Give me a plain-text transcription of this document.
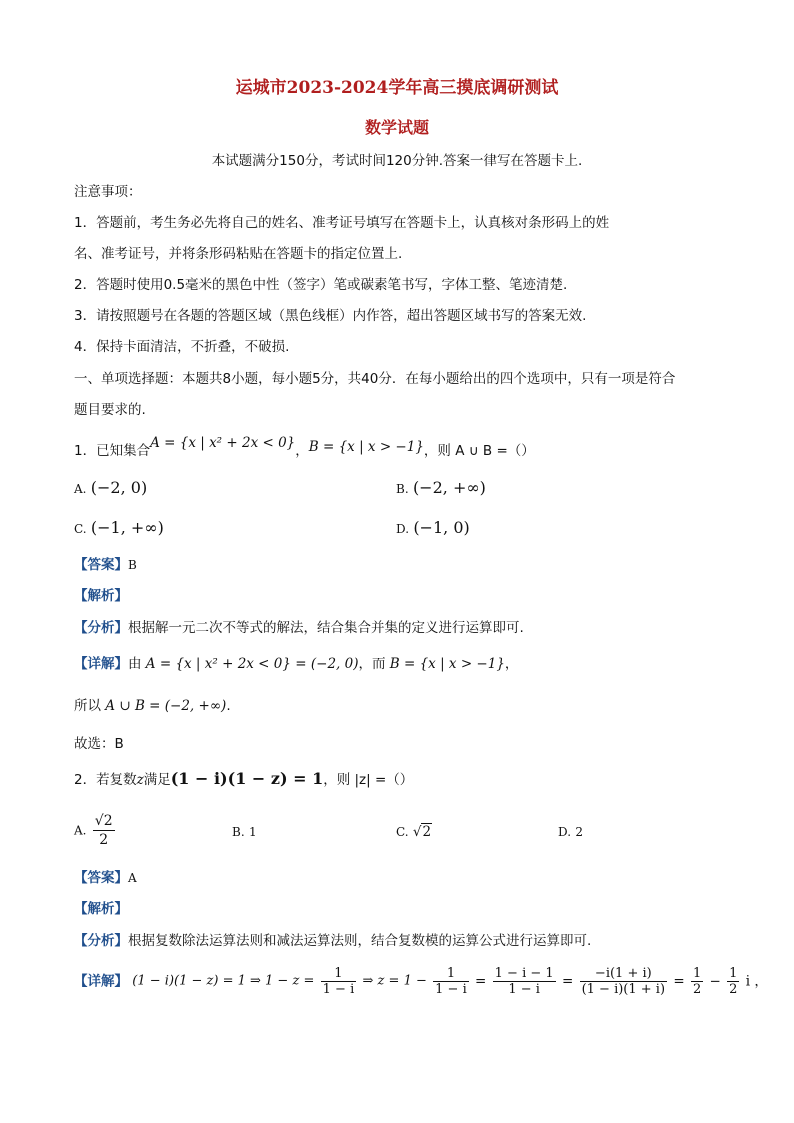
运城市2023-2024学年高三摸底调研测试
数学试题
本试题满分150分，考试时间120分钟.答案一律写在答题卡上.
注意事项：
1．答题前，考生务必先将自己的姓名、准考证号填写在答题卡上，认真核对条形码上的姓
名、准考证号，并将条形码粘贴在答题卡的指定位置上.
2．答题时使用0.5毫米的黑色中性（签字）笔或碳素笔书写，字体工整、笔迹清楚.
3．请按照题号在各题的答题区域（黑色线框）内作答，超出答题区域书写的答案无效.
4．保持卡面清洁，不折叠，不破损.
一、单项选择题：本题共8小题，每小题5分，共40分．在每小题给出的四个选项中，只有一项是符合
题目要求的.
1．已知集合A = {x | x² + 2x < 0}，B = {x | x > −1}，则 A ∪ B =（）
A. (−2, 0)	B. (−2, +∞)
C. (−1, +∞)	D. (−1, 0)
【答案】B
【解析】
【分析】根据解一元二次不等式的解法，结合集合并集的定义进行运算即可.
【详解】由 A = {x | x² + 2x < 0} = (−2, 0)，而 B = {x | x > −1}，
所以 A ∪ B = (−2, +∞).
故选：B
2．若复数z满足(1 − i)(1 − z) = 1，则 |z| =（）
A. $\frac{√2}{2}$	B. 1	C. √2	D. 2
【答案】A
【解析】
【分析】根据复数除法运算法则和减法运算法则，结合复数模的运算公式进行运算即可.
【详解】 (1 − i)(1 − z) = 1 ⇒ $1 - z = \frac{1}{1 - i}$ ⇒ $z = 1 - \frac{1}{1 - i} = \frac{1 - i - 1}{1 - i} = \frac{-i(1 + i)}{(1 - i)(1 + i)} = \frac{1}{2} - \frac{1}{2}$ i ，
